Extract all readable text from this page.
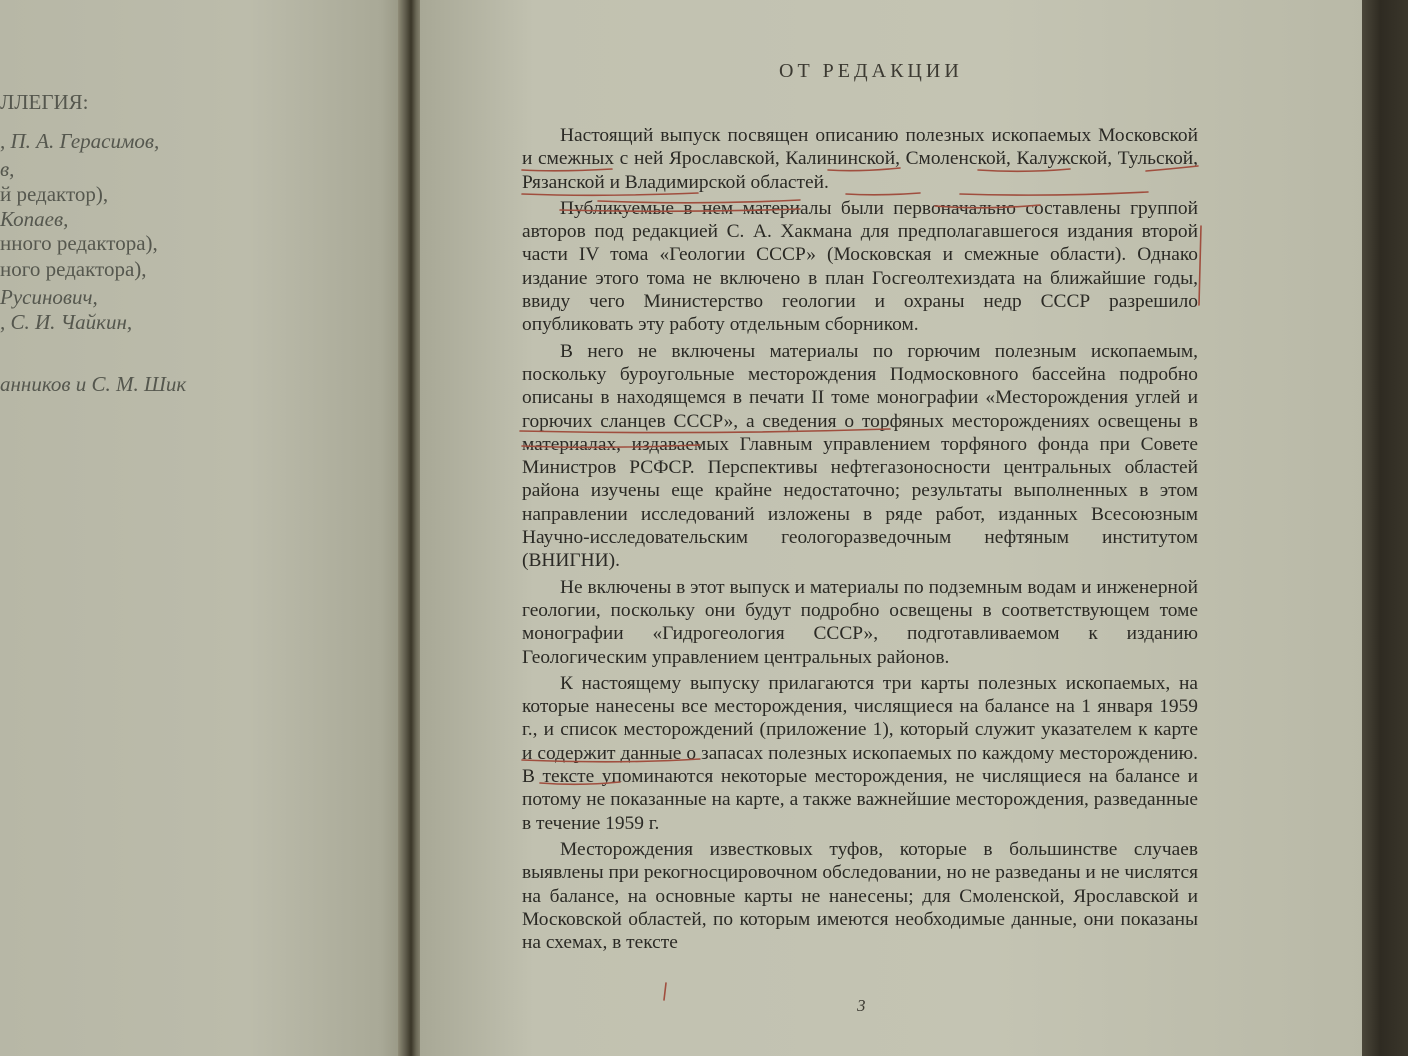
ЛЛЕГИЯ:

, П. А. Герасимов,

в,

й редактор),

Копаев,

нного редактора),

ного редактора),

Русинович,

, С. И. Чайкин,

анников и С. М. Шик

ОТ РЕДАКЦИИ

Настоящий выпуск посвящен описанию полезных ископаемых Московской и смежных с ней Ярославской, Калининской, Смоленской, Калужской, Тульской, Рязанской и Владимирской областей.

Публикуемые в нем материалы были первоначально составлены группой авторов под редакцией С. А. Хакмана для предполагавшегося издания второй части IV тома «Геологии СССР» (Московская и смежные области). Однако издание этого тома не включено в план Госгеолтехиздата на ближайшие годы, ввиду чего Министерство геологии и охраны недр СССР разрешило опубликовать эту работу отдельным сборником.

В него не включены материалы по горючим полезным ископаемым, поскольку буроугольные месторождения Подмосковного бассейна подробно описаны в находящемся в печати II томе монографии «Месторождения углей и горючих сланцев СССР», а сведения о торфяных месторождениях освещены в материалах, издаваемых Главным управлением торфяного фонда при Совете Министров РСФСР. Перспективы нефтегазоносности центральных областей района изучены еще крайне недостаточно; результаты выполненных в этом направлении исследований изложены в ряде работ, изданных Всесоюзным Научно-исследовательским геологоразведочным нефтяным институтом (ВНИГНИ).

Не включены в этот выпуск и материалы по подземным водам и инженерной геологии, поскольку они будут подробно освещены в соответствующем томе монографии «Гидрогеология СССР», подготавливаемом к изданию Геологическим управлением центральных районов.

К настоящему выпуску прилагаются три карты полезных ископаемых, на которые нанесены все месторождения, числящиеся на балансе на 1 января 1959 г., и список месторождений (приложение 1), который служит указателем к карте и содержит данные о запасах полезных ископаемых по каждому месторождению. В тексте упоминаются некоторые месторождения, не числящиеся на балансе и потому не показанные на карте, а также важнейшие месторождения, разведанные в течение 1959 г.

Месторождения известковых туфов, которые в большинстве случаев выявлены при рекогносцировочном обследовании, но не разведаны и не числятся на балансе, на основные карты не нанесены; для Смоленской, Ярославской и Московской областей, по которым имеются необходимые данные, они показаны на схемах, в тексте

3
